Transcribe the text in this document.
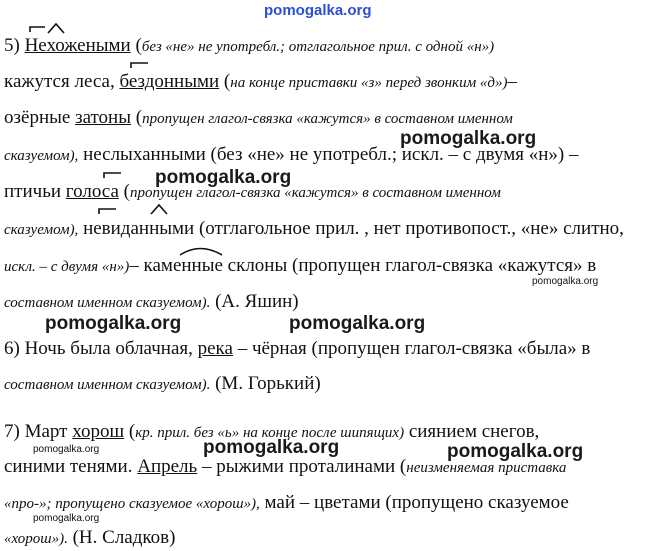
pomogalka.org
5) Нехожеными (без «не» не употребл.; отглагольное прил. с одной «н»)
кажутся леса, бездонными (на конце приставки «з» перед звонким «д»)–
озёрные затоны (пропущен глагол-связка «кажутся» в составном именном
сказуемом), неслыханными (без «не» не употребл.; искл. – с двумя «н») –
птичьи голоса (пропущен глагол-связка «кажутся» в составном именном
сказуемом), невиданными (отглагольное прил. , нет противопост., «не» слитно,
искл. – с двумя «н»)– каменные склоны (пропущен глагол-связка «кажутся» в
составном именном сказуемом). (А. Яшин)
6) Ночь была облачная, река – чёрная (пропущен глагол-связка «была» в
составном именном сказуемом). (М. Горький)
7) Март хорош (кр. прил. без «ь» на конце после шипящих) сиянием снегов,
синими тенями. Апрель – рыжими проталинами (неизменяемая приставка
«про-»; пропущено сказуемое «хорош»), май – цветами (пропущено сказуемое
«хорош»). (Н. Сладков)
pomogalka.org
pomogalka.org
pomogalka.org
pomogalka.org	pomogalka.org
pomogalka.org	pomogalka.org	pomogalka.org
pomogalka.org
